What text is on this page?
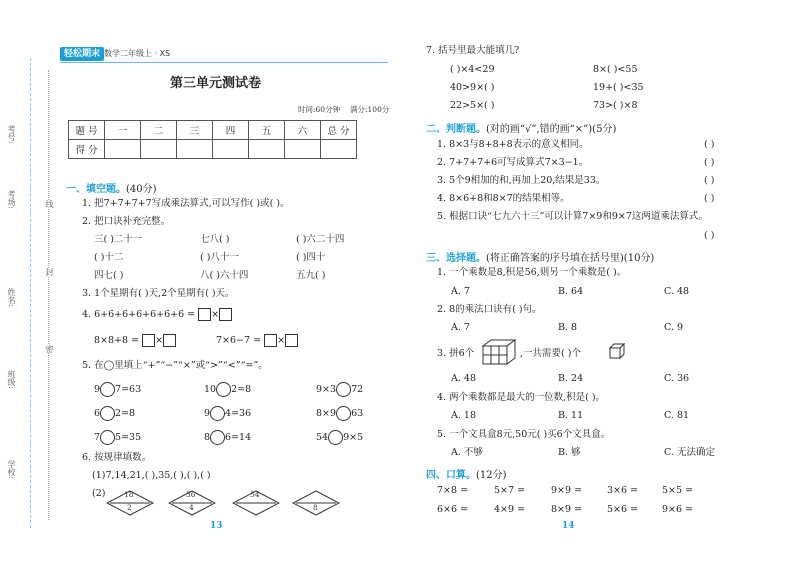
考号:
考场:
姓名:
班级:
学校:
线
封
密
轻松期末 数学二年级上 · XS
第三单元测试卷
时间:60分钟 满分:100分
题 号	一	二	三	四	五	六	总 分
得 分							
一、填空题。(40分)
1. 把7+7+7+7写成乘法算式,可以写作( )或( )。
2. 把口诀补充完整。
三( )二十一	七八( )	( )六二十四
( )十二	( )八十一	( )四十
四七( )	八( )六十四	五九( )
3. 1个星期有( )天,2个星期有( )天。
4. 6+6+6+6+6+6+6 = ×
8×8+8 = ×	7×6−7 = ×
5. 在◯里填上“+”“−”“×”或“>”“<”“=”。
9 7=63	10 2=8	9×3 72
6 2=8	9 4=36	8×9 63
7 5=35	8 6=14	54 9×5
6. 按规律填数。
(1)7,14,21,( ),35,( ),( ),( )
(2) 18
2
36
4
54
8
13
7. 括号里最大能填几?
( )×4<29	8×( )<55
40>9×( )	19+( )<35
22>5×( )	73>( )×8
二、判断题。(对的画“√”,错的画“×”)(5分)
1. 8×3与8+8+8表示的意义相同。
2. 7+7+7+6可写成算式7×3−1。
3. 5个9相加的和,再加上20,结果是33。
4. 8×6+8和8×7的结果相等。
5. 根据口诀“七九六十三”可以计算7×9和9×7这两道乘法算式。
( )
( )
( )
( )
( )
三、选择题。(将正确答案的序号填在括号里)(10分)
1. 一个乘数是8,积是56,则另一个乘数是( )。
A. 7	B. 64	C. 48
2. 8的乘法口诀有( )句。
A. 7	B. 8	C. 9
3. 拼6个	,一共需要( )个
A. 48	B. 24	C. 36
4. 两个乘数都是最大的一位数,积是( )。
A. 18	B. 11	C. 81
5. 一个文具盒8元,50元( )买6个文具盒。
A. 不够	B. 够	C. 无法确定
四、口算。(12分)
7×8 =	5×7 =	9×9 =	3×6 =	5×5 =
6×6 =	4×9 =	8×9 =	5×6 =	9×6 =
14
